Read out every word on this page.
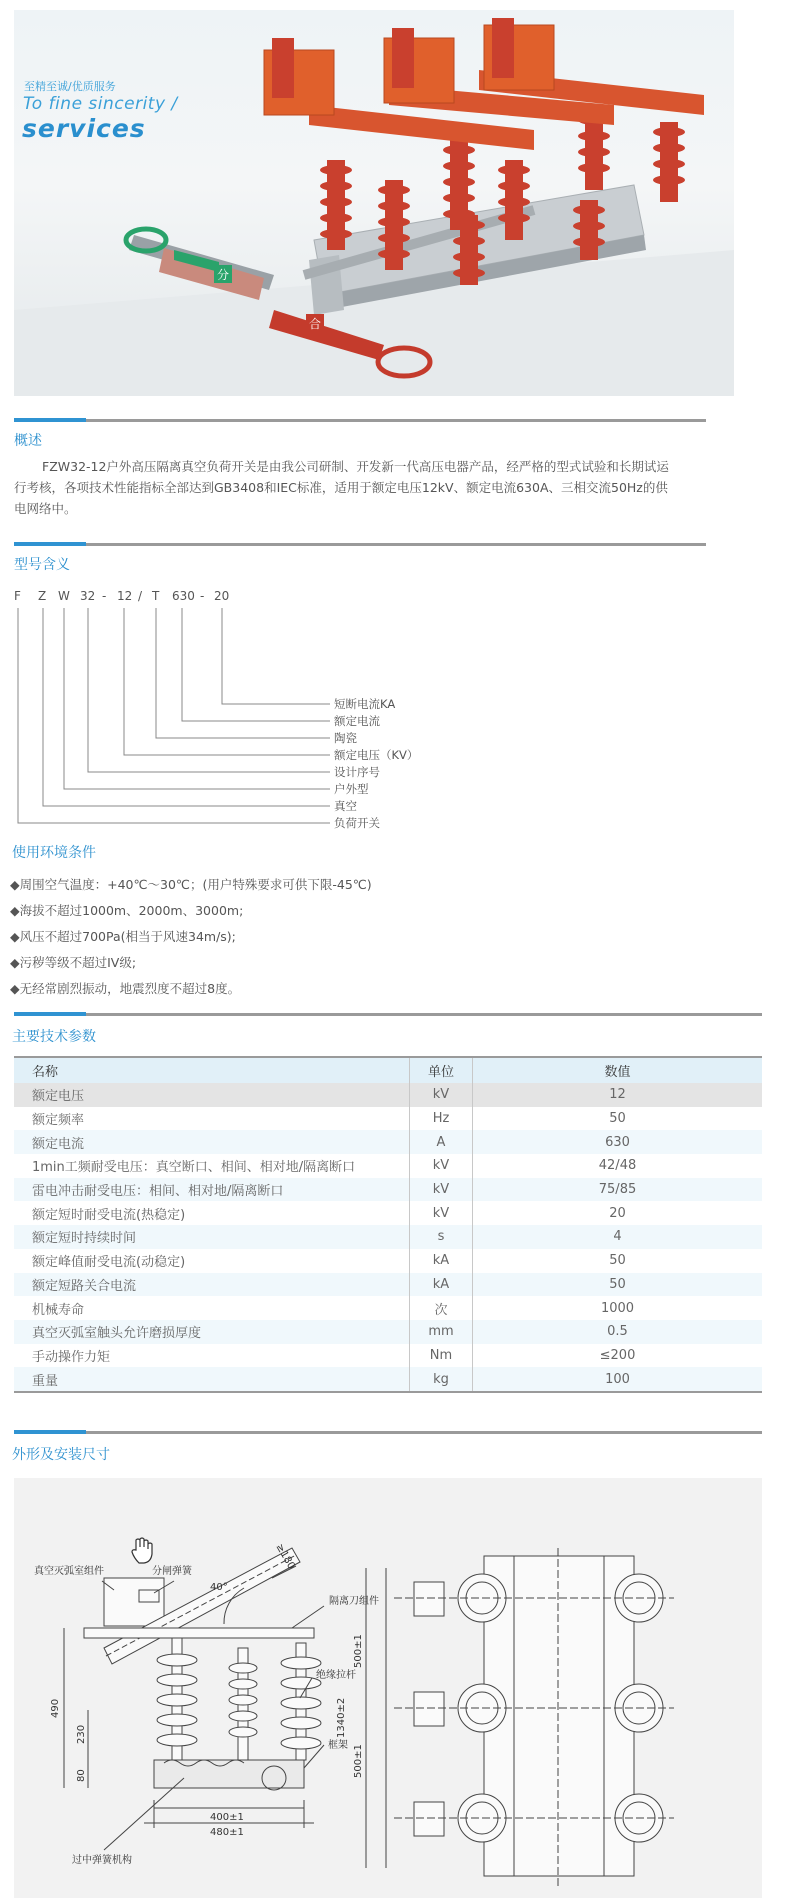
分
合
至精至诚/优质服务
To fine sincerity /
services
概述
FZW32-12户外高压隔离真空负荷开关是由我公司研制、开发新一代高压电器产品，经严格的型式试验和长期试运
行考核，各项技术性能指标全部达到GB3408和IEC标准，适用于额定电压12kV、额定电流630A、三相交流50Hz的供
电网络中。
型号含义
F Z W 32 - 12 / T 630 - 20
短断电流KA
额定电流
陶瓷
额定电压（KV）
设计序号
户外型
真空
负荷开关
使用环境条件
◆周围空气温度：+40℃～30℃；(用户特殊要求可供下限-45℃)
◆海拔不超过1000m、2000m、3000m;
◆风压不超过700Pa(相当于风速34m/s);
◆污秽等级不超过IV级;
◆无经常剧烈振动，地震烈度不超过8度。
主要技术参数
名称	单位	数值
额定电压	kV	12
额定频率	Hz	50
额定电流	A	630
1min工频耐受电压：真空断口、相间、相对地/隔离断口	kV	42/48
雷电冲击耐受电压：相间、相对地/隔离断口	kV	75/85
额定短时耐受电流(热稳定)	kV	20
额定短时持续时间	s	4
额定峰值耐受电流(动稳定)	kA	50
额定短路关合电流	kA	50
机械寿命	次	1000
真空灭弧室触头允许磨损厚度	mm	0.5
手动操作力矩	Nm	≤200
重量	kg	100
外形及安装尺寸
真空灭弧室组件	分闸弹簧
隔离刀组件
绝缘拉杆
框架
过中弹簧机构
40°
≥180
490
230
80
400±1
480±1
500±1
500±1
1340±2
